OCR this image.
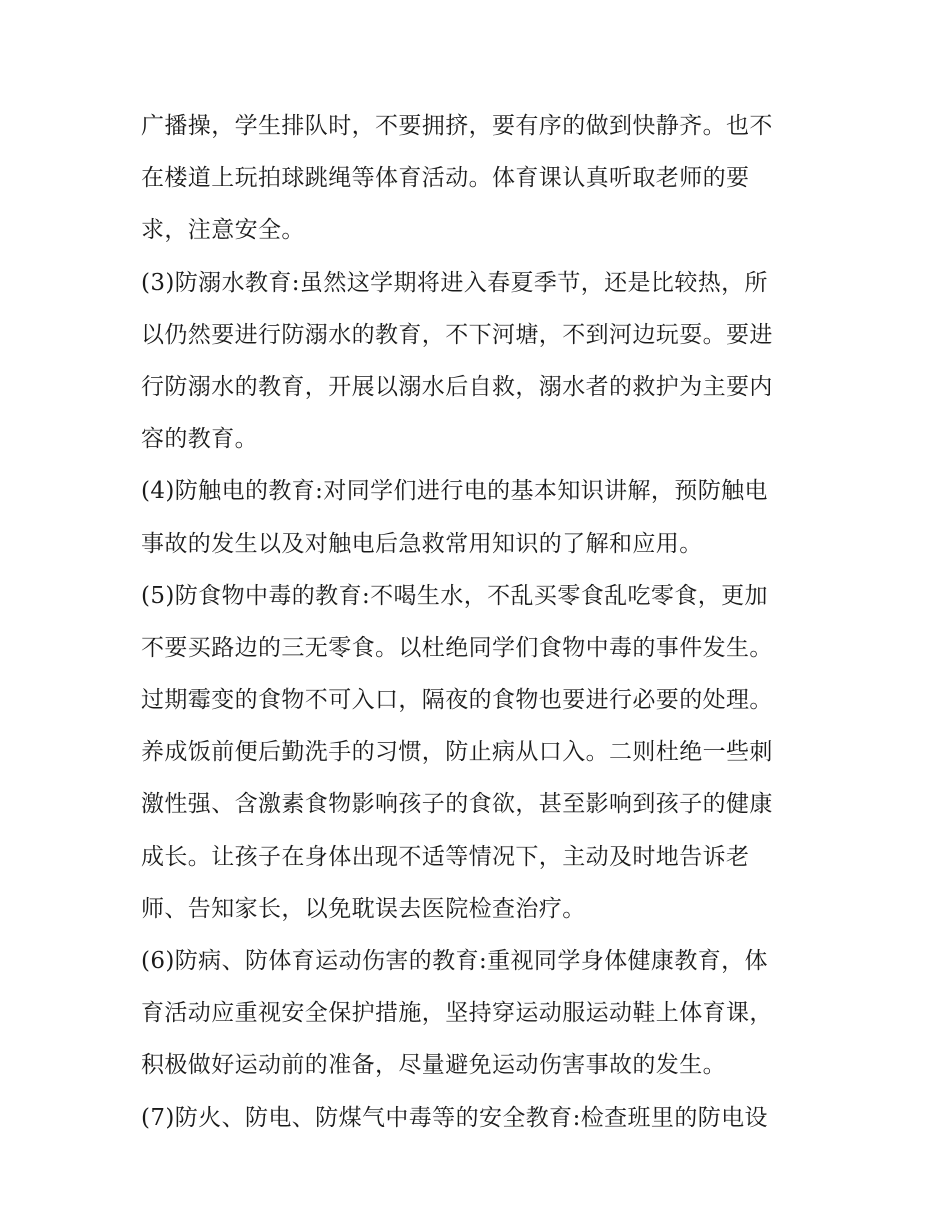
广播操，学生排队时，不要拥挤，要有序的做到快静齐。也不
在楼道上玩拍球跳绳等体育活动。体育课认真听取老师的要
求，注意安全。
(3)防溺水教育:虽然这学期将进入春夏季节，还是比较热，所
以仍然要进行防溺水的教育，不下河塘，不到河边玩耍。要进
行防溺水的教育，开展以溺水后自救，溺水者的救护为主要内
容的教育。
(4)防触电的教育:对同学们进行电的基本知识讲解，预防触电
事故的发生以及对触电后急救常用知识的了解和应用。
(5)防食物中毒的教育:不喝生水，不乱买零食乱吃零食，更加
不要买路边的三无零食。以杜绝同学们食物中毒的事件发生。
过期霉变的食物不可入口，隔夜的食物也要进行必要的处理。
养成饭前便后勤洗手的习惯，防止病从口入。二则杜绝一些刺
激性强、含激素食物影响孩子的食欲，甚至影响到孩子的健康
成长。让孩子在身体出现不适等情况下，主动及时地告诉老
师、告知家长，以免耽误去医院检查治疗。
(6)防病、防体育运动伤害的教育:重视同学身体健康教育，体
育活动应重视安全保护措施，坚持穿运动服运动鞋上体育课，
积极做好运动前的准备，尽量避免运动伤害事故的发生。
(7)防火、防电、防煤气中毒等的安全教育:检查班里的防电设
